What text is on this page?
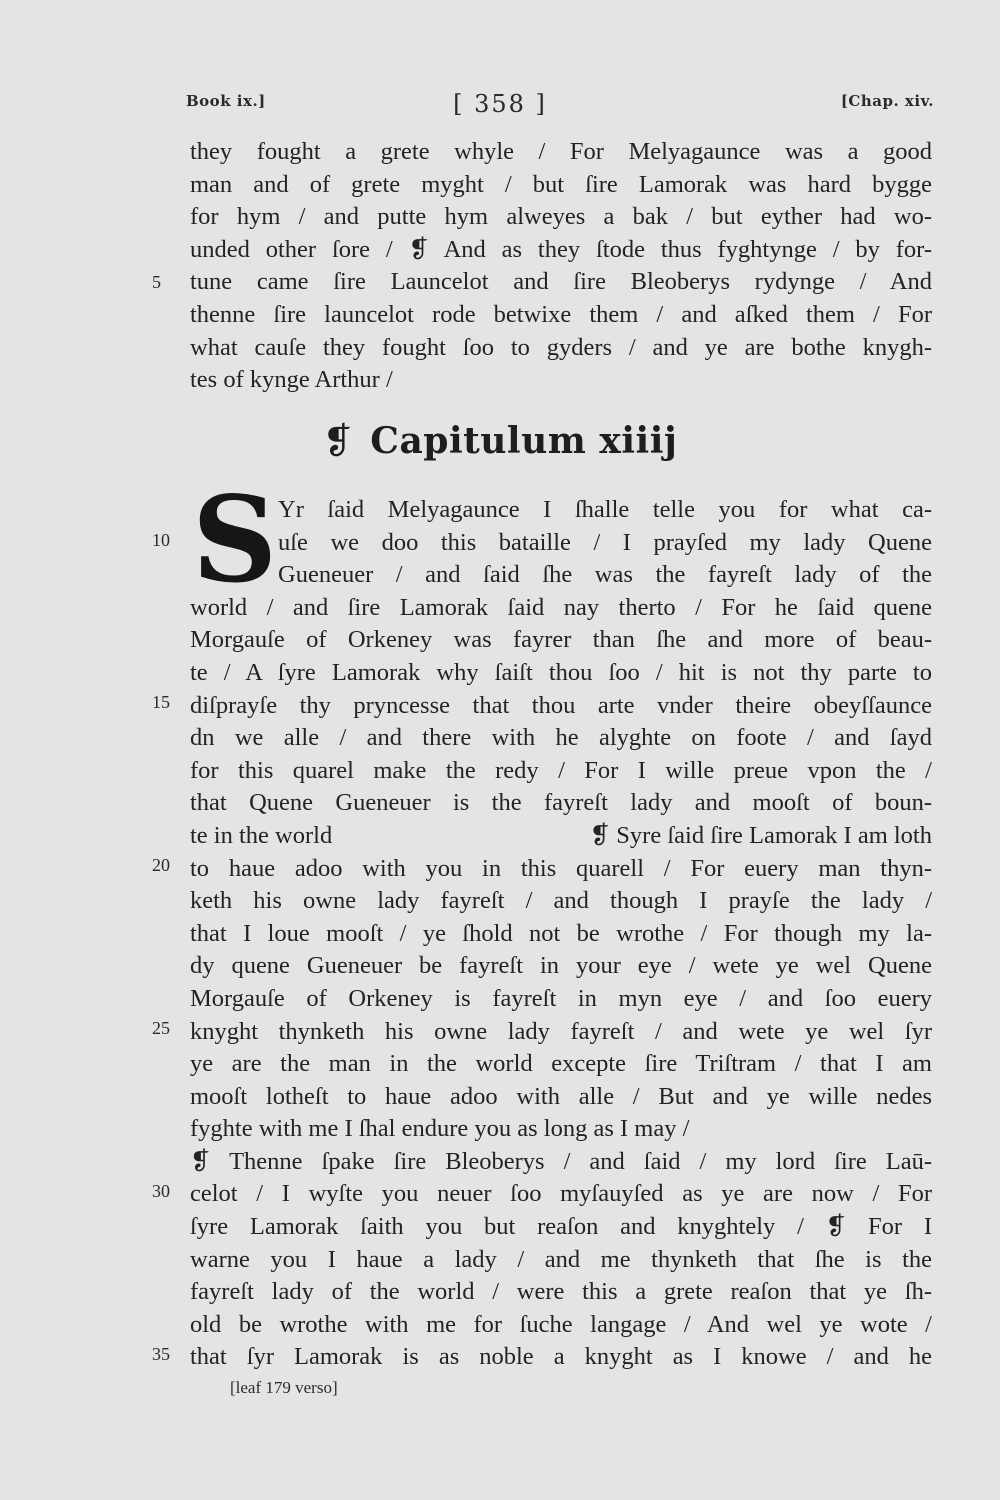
Book ix.]	[ 358 ]	[Chap. xiv.
they fought a grete whyle / For Melyagaunce was a good
man and of grete myght / but ſire Lamorak was hard bygge
for hym / and putte hym alweyes a bak / but eyther had wo-
unded other ſore / ❡ And as they ſtode thus fyghtynge / by for-
tune came ſire Launcelot and ſire Bleoberys rydynge / And
thenne ſire launcelot rode betwixe them / and aſked them / For
what cauſe they fought ſoo to gyders / and ye are bothe knygh-
tes of kynge Arthur /
❡ Capitulum xiiij
S Yr ſaid Melyagaunce I ſhalle telle you for what ca-
uſe we doo this bataille / I prayſed my lady Quene
Gueneuer / and ſaid ſhe was the fayreſt lady of the
world / and ſire Lamorak ſaid nay therto / For he ſaid quene
Morgauſe of Orkeney was fayrer than ſhe and more of beau-
te / A ſyre Lamorak why ſaiſt thou ſoo / hit is not thy parte to
diſprayſe thy pryncesse that thou arte vnder theire obeyſſaunce
dn we alle / and there with he alyghte on foote / and ſayd
for this quarel make the redy / For I wille preue vpon the /
that Quene Gueneuer is the fayreſt lady and mooſt of boun-
te in the world	❡ Syre ſaid ſire Lamorak I am loth
to haue adoo with you in this quarell / For euery man thyn-
keth his owne lady fayreſt / and though I prayſe the lady /
that I loue mooſt / ye ſhold not be wrothe / For though my la-
dy quene Gueneuer be fayreſt in your eye / wete ye wel Quene
Morgauſe of Orkeney is fayreſt in myn eye / and ſoo euery
knyght thynketh his owne lady fayreſt / and wete ye wel ſyr
ye are the man in the world excepte ſire Triſtram / that I am
mooſt lotheſt to haue adoo with alle / But and ye wille nedes
fyghte with me I ſhal endure you as long as I may /
❡ Thenne ſpake ſire Bleoberys / and ſaid / my lord ſire Laū-
celot / I wyſte you neuer ſoo myſauyſed as ye are now / For
ſyre Lamorak ſaith you but reaſon and knyghtely / ❡ For I
warne you I haue a lady / and me thynketh that ſhe is the
fayreſt lady of the world / were this a grete reaſon that ye ſh-
old be wrothe with me for ſuche langage / And wel ye wote /
that ſyr Lamorak is as noble a knyght as I knowe / and he
5
10
15
20
25
30
35
[leaf 179 verso]
